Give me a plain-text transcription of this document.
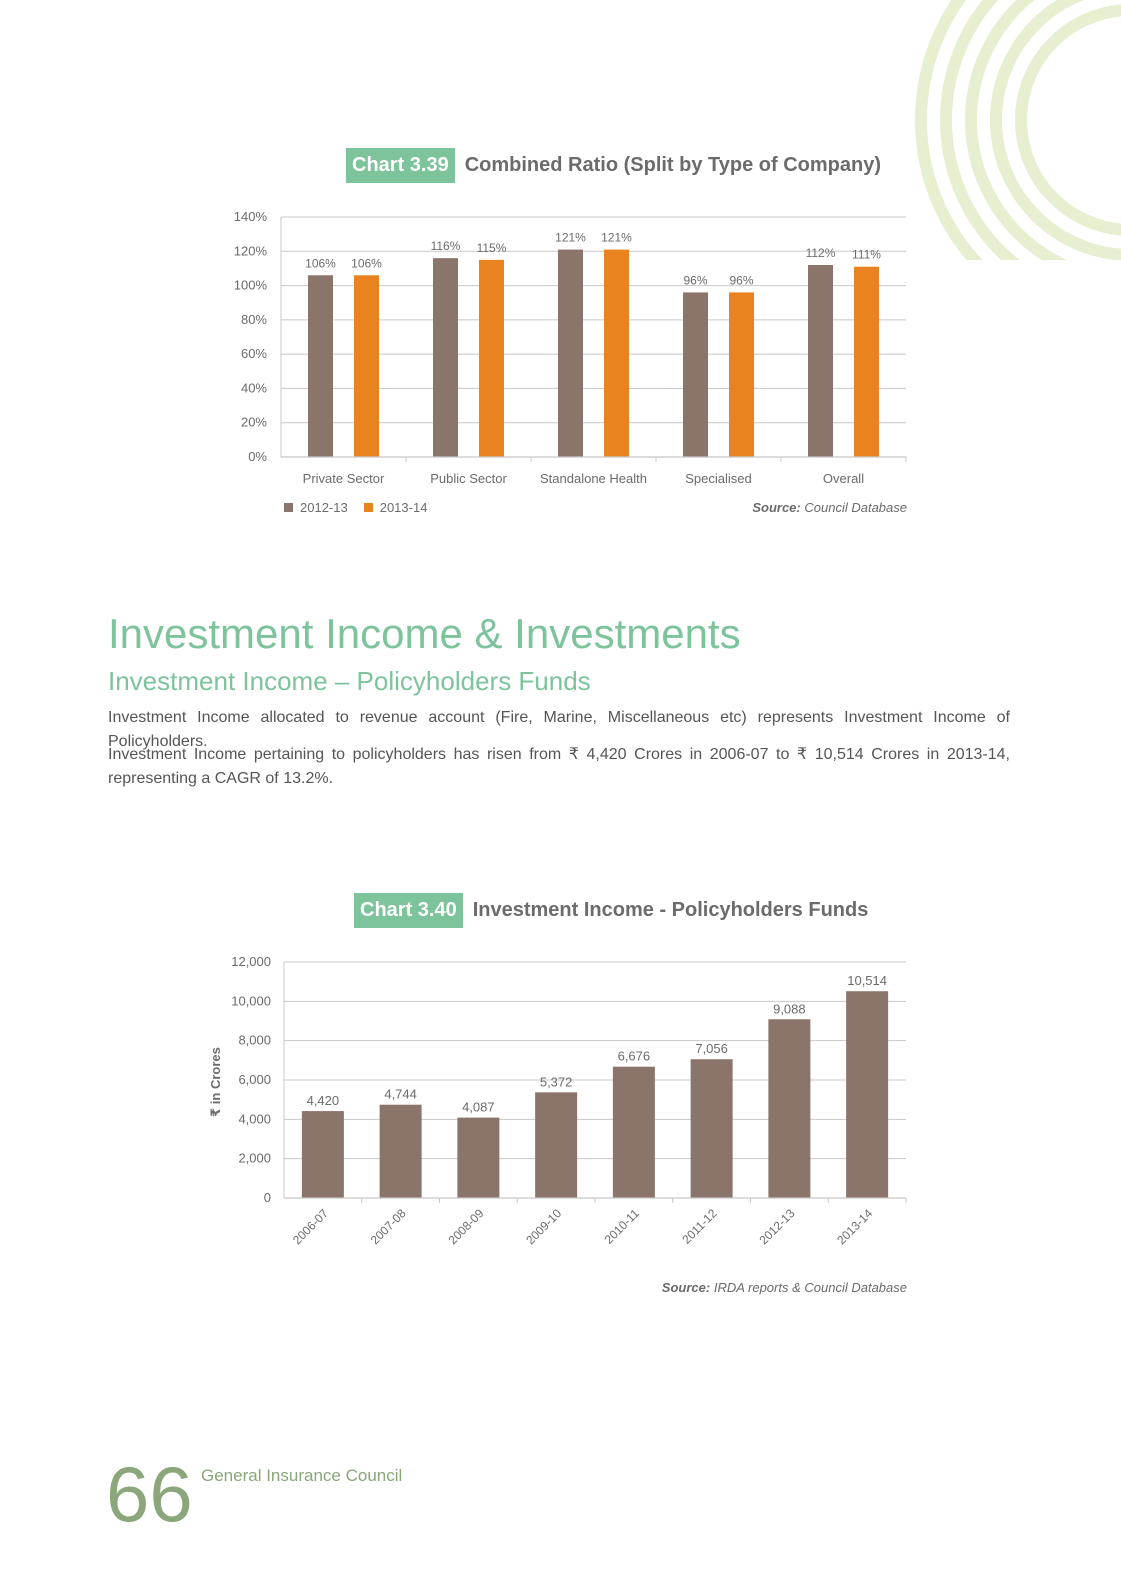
Chart 3.39 Combined Ratio (Split by Type of Company)
0%
20%
40%
60%
80%
100%
120%
140%
Private Sector
106% 106%
Public Sector
116% 115%
Standalone Health
121% 121%
Specialised
96% 96%
Overall
112% 111%
2012-13 2013-14	Source: Council Database
Investment Income & Investments
Investment Income – Policyholders Funds

Investment Income allocated to revenue account (Fire, Marine, Miscellaneous etc) represents Investment Income of Policyholders.

Investment Income pertaining to policyholders has risen from ₹ 4,420 Crores in 2006-07 to ₹ 10,514 Crores in 2013-14, representing a CAGR of 13.2%.

Chart 3.40 Investment Income - Policyholders Funds
0
2,000
4,000
6,000
8,000
10,000
12,000
₹ in Crores	4,420
2006-07
4,744
2007-08
4,087
2008-09
5,372
2009-10
6,676
2010-11
7,056
2011-12
9,088
2012-13
10,514
2013-14
Source: IRDA reports & Council Database
66 General Insurance Council
